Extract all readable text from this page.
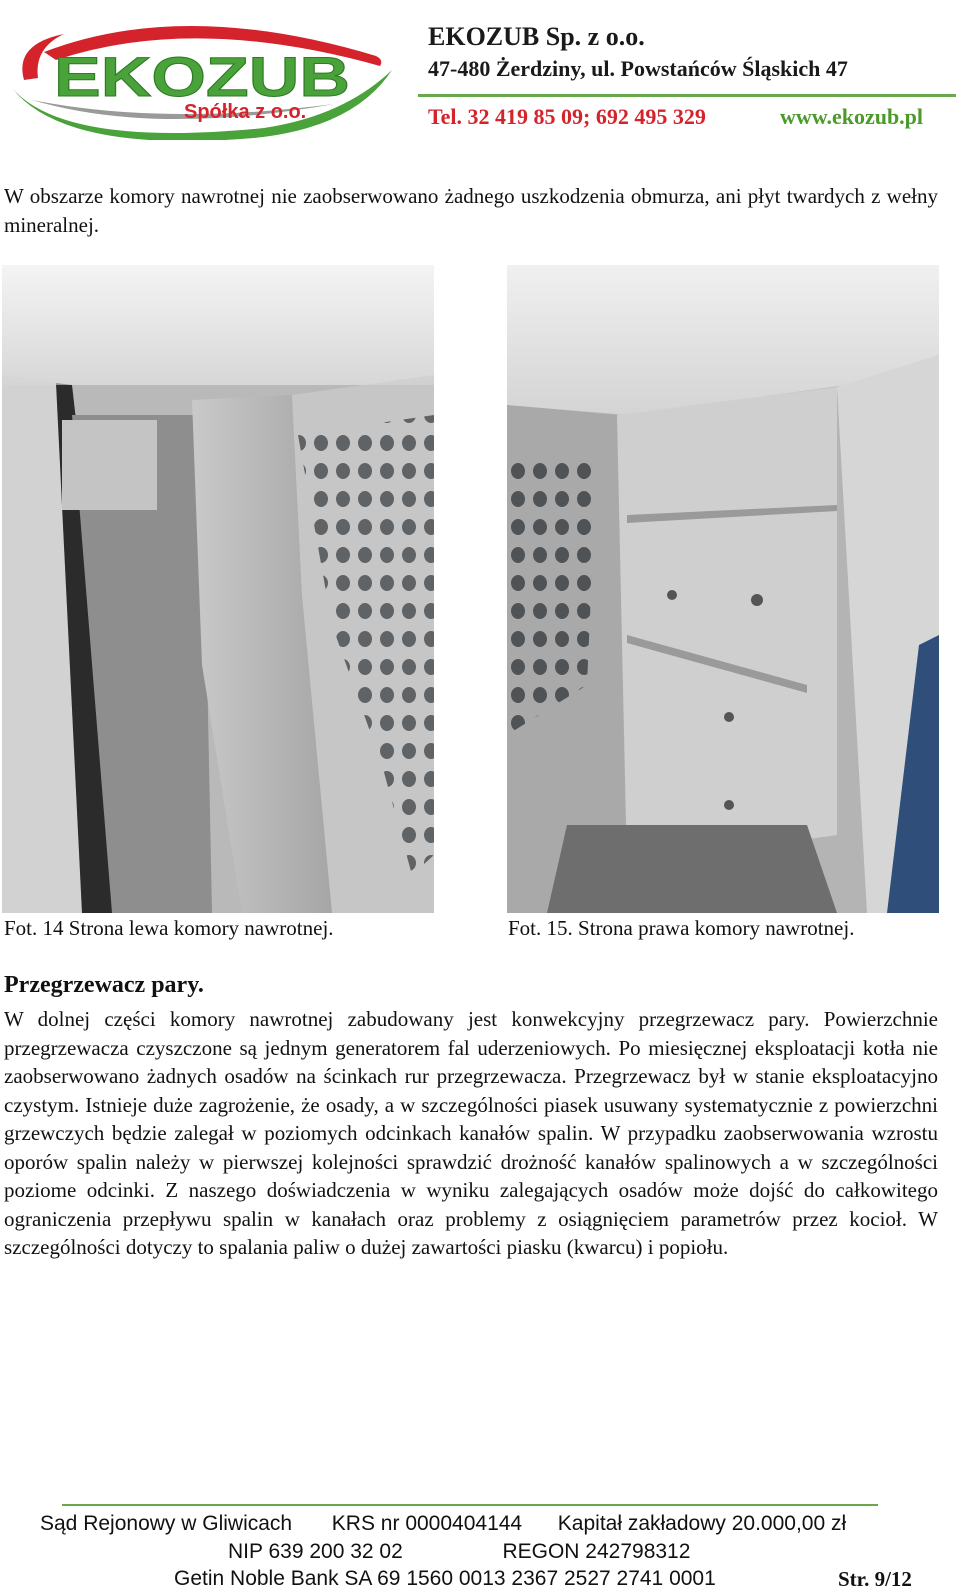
EKOZUB
Spółka z o.o.
EKOZUB Sp. z o.o.
47-480 Żerdziny, ul. Powstańców Śląskich 47
Tel. 32 419 85 09; 692 495 329	www.ekozub.pl
W obszarze komory nawrotnej nie zaobserwowano żadnego uszkodzenia obmurza, ani płyt twardych z wełny mineralnej.
Fot. 14 Strona lewa komory nawrotnej.	Fot. 15. Strona prawa komory nawrotnej.
Przegrzewacz pary.
W dolnej części komory nawrotnej zabudowany jest konwekcyjny przegrzewacz pary. Powierzchnie przegrzewacza czyszczone są jednym generatorem fal uderzeniowych. Po miesięcznej eksploatacji kotła nie zaobserwowano żadnych osadów na ścinkach rur przegrzewacza. Przegrzewacz był w stanie eksploatacyjno czystym. Istnieje duże zagrożenie, że osady, a w szczególności piasek usuwany systematycznie z powierzchni grzewczych będzie zalegał w poziomych odcinkach kanałów spalin. W przypadku zaobserwowania wzrostu oporów spalin należy w pierwszej kolejności sprawdzić drożność kanałów spalinowych a w szczególności poziome odcinki. Z naszego doświadczenia w wyniku zalegających osadów może dojść do całkowitego ograniczenia przepływu spalin w kanałach oraz problemy z osiągnięciem parametrów przez kocioł. W szczególności dotyczy to spalania paliw o dużej zawartości piasku (kwarcu) i popiołu.
Sąd Rejonowy w Gliwicach KRS nr 0000404144 Kapitał zakładowy 20.000,00 zł
NIP 639 200 32 02	REGON 242798312
Getin Noble Bank SA 69 1560 0013 2367 2527 2741 0001	Str. 9/12
